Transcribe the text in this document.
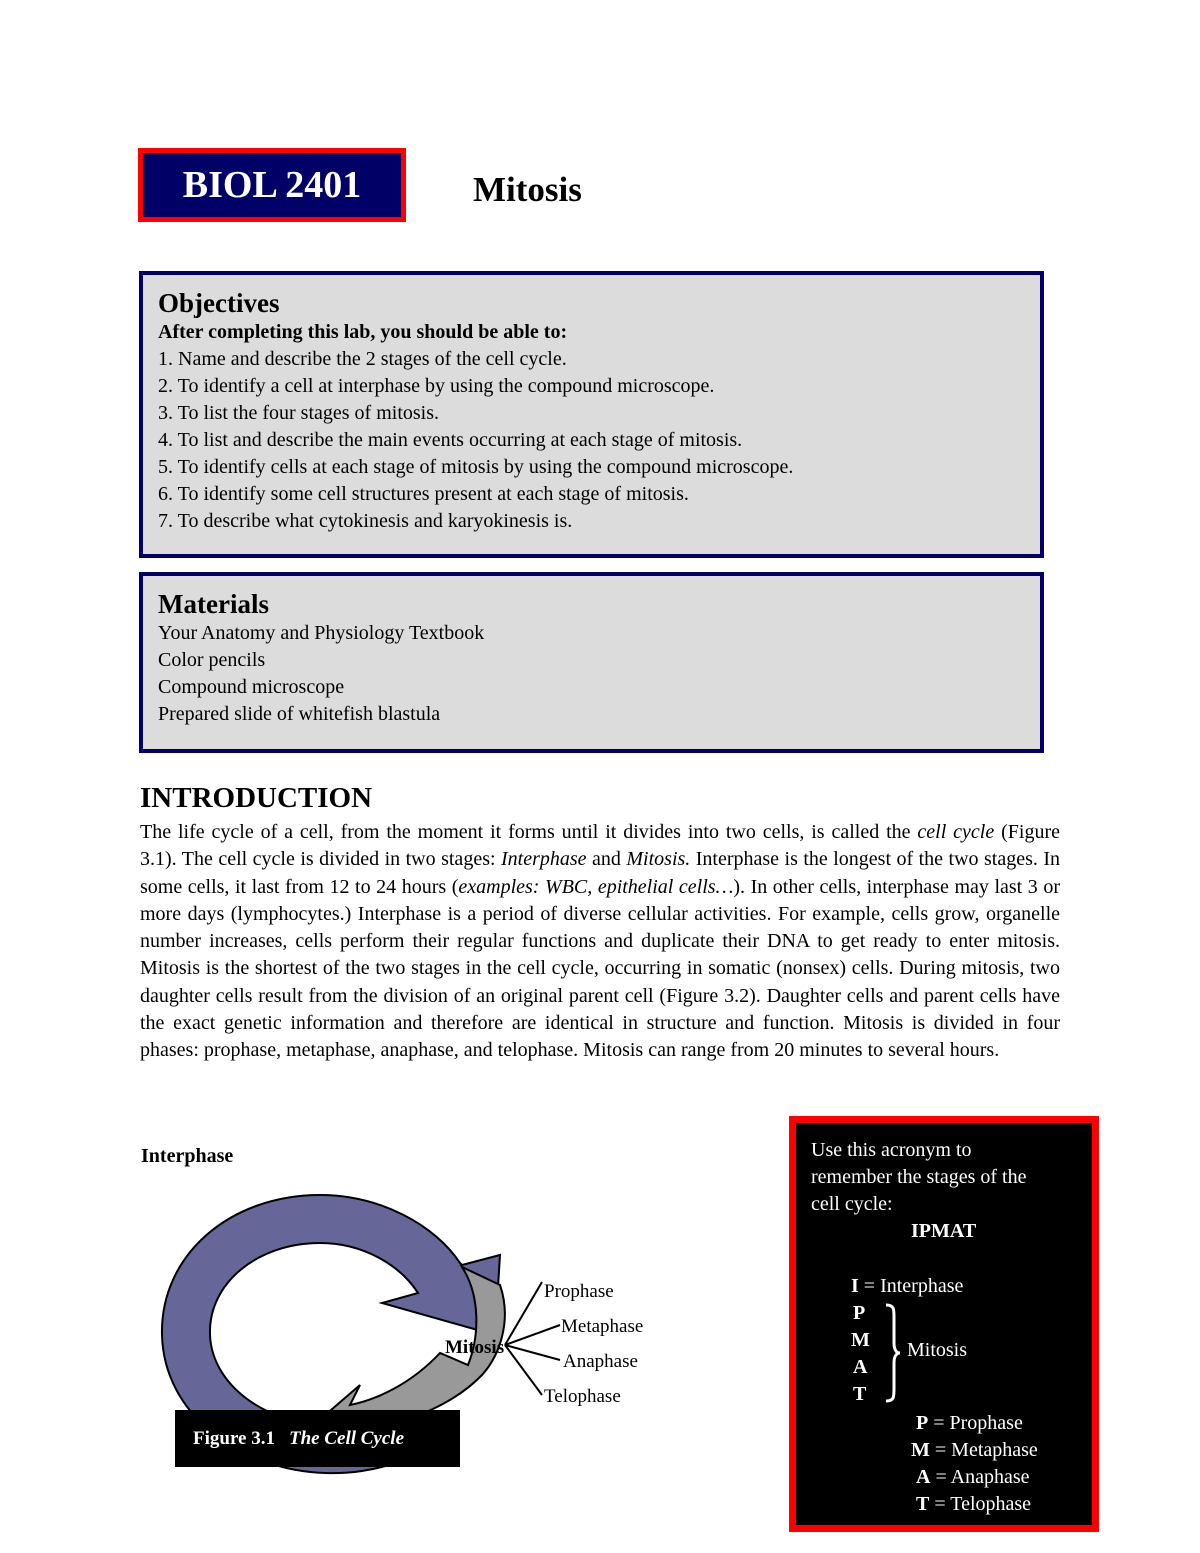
BIOL 2401	Mitosis
Objectives
After completing this lab, you should be able to:
1. Name and describe the 2 stages of the cell cycle.
2. To identify a cell at interphase by using the compound microscope.
3. To list the four stages of mitosis.
4. To list and describe the main events occurring at each stage of mitosis.
5. To identify cells at each stage of mitosis by using the compound microscope.
6. To identify some cell structures present at each stage of mitosis.
7. To describe what cytokinesis and karyokinesis is.
Materials
Your Anatomy and Physiology Textbook
Color pencils
Compound microscope
Prepared slide of whitefish blastula
INTRODUCTION
The life cycle of a cell, from the moment it forms until it divides into two cells, is called the cell cycle (Figure 3.1). The cell cycle is divided in two stages: Interphase and Mitosis. Interphase is the longest of the two stages. In some cells, it last from 12 to 24 hours (examples: WBC, epithelial cells…). In other cells, interphase may last 3 or more days (lymphocytes.) Interphase is a period of diverse cellular activities. For example, cells grow, organelle number increases, cells perform their regular functions and duplicate their DNA to get ready to enter mitosis. Mitosis is the shortest of the two stages in the cell cycle, occurring in somatic (nonsex) cells. During mitosis, two daughter cells result from the division of an original parent cell (Figure 3.2). Daughter cells and parent cells have the exact genetic information and therefore are identical in structure and function. Mitosis is divided in four phases: prophase, metaphase, anaphase, and telophase. Mitosis can range from 20 minutes to several hours.
Interphase
Mitosis
Prophase
Metaphase
Anaphase
Telophase
Figure 3.1 The Cell Cycle
Use this acronym to
remember the stages of the
cell cycle:
IPMAT
I = Interphase
P
M
A
T
Mitosis
P = Prophase
M = Metaphase
A = Anaphase
T = Telophase
